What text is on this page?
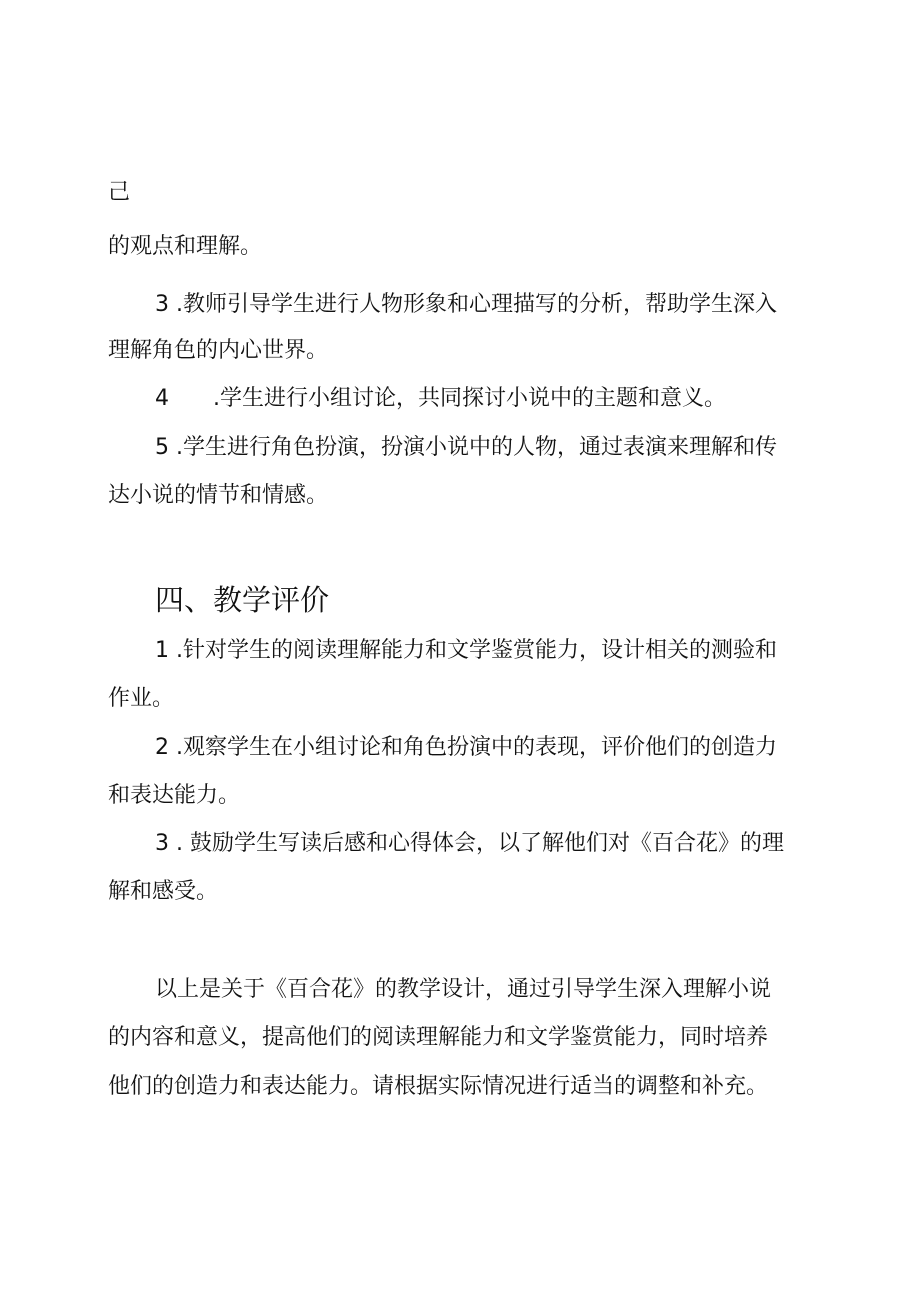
己
的观点和理解。
3 .教师引导学生进行人物形象和心理描写的分析，帮助学生深入
理解角色的内心世界。
4　　.学生进行小组讨论，共同探讨小说中的主题和意义。
5 .学生进行角色扮演，扮演小说中的人物，通过表演来理解和传
达小说的情节和情感。
四、教学评价
1 .针对学生的阅读理解能力和文学鉴赏能力，设计相关的测验和
作业。
2 .观察学生在小组讨论和角色扮演中的表现，评价他们的创造力
和表达能力。
3 . 鼓励学生写读后感和心得体会，以了解他们对《百合花》的理
解和感受。
以上是关于《百合花》的教学设计，通过引导学生深入理解小说
的内容和意义，提高他们的阅读理解能力和文学鉴赏能力，同时培养
他们的创造力和表达能力。请根据实际情况进行适当的调整和补充。
